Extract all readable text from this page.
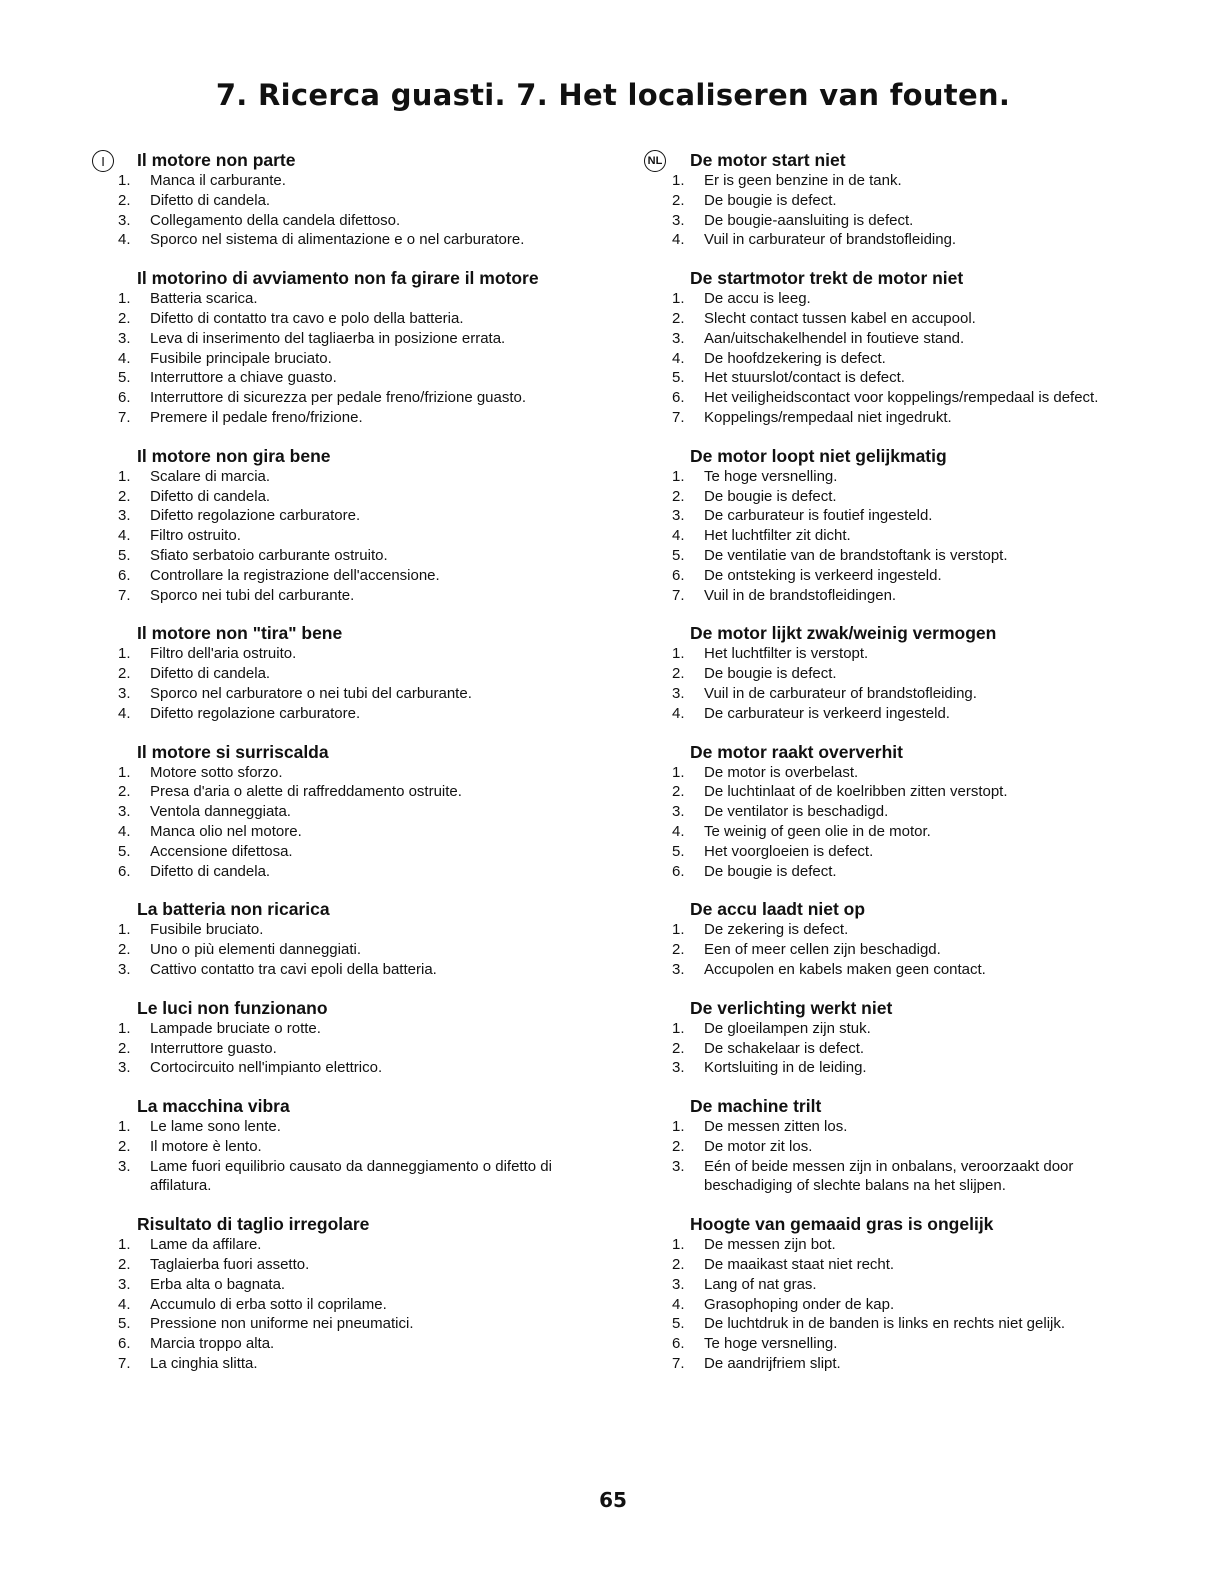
7. Ricerca guasti. 7. Het localiseren van fouten.
I	Il motore non parte
1.	Manca il carburante.
2.	Difetto di candela.
3.	Collegamento della candela difettoso.
4.	Sporco nel sistema di alimentazione e o nel carburatore.
Il motorino di avviamento non fa girare il motore
1.	Batteria scarica.
2.	Difetto di contatto tra cavo e polo della batteria.
3.	Leva di inserimento del tagliaerba in posizione errata.
4.	Fusibile principale bruciato.
5.	Interruttore a chiave guasto.
6.	Interruttore di sicurezza per pedale freno/frizione guasto.
7.	Premere il pedale freno/frizione.
Il motore non gira bene
1.	Scalare di marcia.
2.	Difetto di candela.
3.	Difetto regolazione carburatore.
4.	Filtro ostruito.
5.	Sfiato serbatoio carburante ostruito.
6.	Controllare la registrazione dell'accensione.
7.	Sporco nei tubi del carburante.
Il motore non "tira" bene
1.	Filtro dell'aria ostruito.
2.	Difetto di candela.
3.	Sporco nel carburatore o nei tubi del carburante.
4.	Difetto regolazione carburatore.
Il motore si surriscalda
1.	Motore sotto sforzo.
2.	Presa d'aria o alette di raffreddamento ostruite.
3.	Ventola danneggiata.
4.	Manca olio nel motore.
5.	Accensione difettosa.
6.	Difetto di candela.
La batteria non ricarica
1.	Fusibile bruciato.
2.	Uno o più elementi danneggiati.
3.	Cattivo contatto tra cavi epoli della batteria.
Le luci non funzionano
1.	Lampade bruciate o rotte.
2.	Interruttore guasto.
3.	Cortocircuito nell'impianto elettrico.
La macchina vibra
1.	Le lame sono lente.
2.	Il motore è lento.
3.	Lame fuori equilibrio causato da danneggiamento o difetto di affilatura.
Risultato di taglio irregolare
1.	Lame da affilare.
2.	Taglaierba fuori assetto.
3.	Erba alta o bagnata.
4.	Accumulo di erba sotto il coprilame.
5.	Pressione non uniforme nei pneumatici.
6.	Marcia troppo alta.
7.	La cinghia slitta.
NL	De motor start niet
1.	Er is geen benzine in de tank.
2.	De bougie is defect.
3.	De bougie-aansluiting is defect.
4.	Vuil in carburateur of brandstofleiding.
De startmotor trekt de motor niet
1.	De accu is leeg.
2.	Slecht contact tussen kabel en accupool.
3.	Aan/uitschakelhendel in foutieve stand.
4.	De hoofdzekering is defect.
5.	Het stuurslot/contact is defect.
6.	Het veiligheidscontact voor koppelings/rempedaal is defect.
7.	Koppelings/rempedaal niet ingedrukt.
De motor loopt niet gelijkmatig
1.	Te hoge versnelling.
2.	De bougie is defect.
3.	De carburateur is foutief ingesteld.
4.	Het luchtfilter zit dicht.
5.	De ventilatie van de brandstoftank is verstopt.
6.	De ontsteking is verkeerd ingesteld.
7.	Vuil in de brandstofleidingen.
De motor lijkt zwak/weinig vermogen
1.	Het luchtfilter is verstopt.
2.	De bougie is defect.
3.	Vuil in de carburateur of brandstofleiding.
4.	De carburateur is verkeerd ingesteld.
De motor raakt oververhit
1.	De motor is overbelast.
2.	De luchtinlaat of de koelribben zitten verstopt.
3.	De ventilator is beschadigd.
4.	Te weinig of geen olie in de motor.
5.	Het voorgloeien is defect.
6.	De bougie is defect.
De accu laadt niet op
1.	De zekering is defect.
2.	Een of meer cellen zijn beschadigd.
3.	Accupolen en kabels maken geen contact.
De verlichting werkt niet
1.	De gloeilampen zijn stuk.
2.	De schakelaar is defect.
3.	Kortsluiting in de leiding.
De machine trilt
1.	De messen zitten los.
2.	De motor zit los.
3.	Eén of beide messen zijn in onbalans, veroorzaakt door beschadiging of slechte balans na het slijpen.
Hoogte van gemaaid gras is ongelijk
1.	De messen zijn bot.
2.	De maaikast staat niet recht.
3.	Lang of nat gras.
4.	Grasophoping onder de kap.
5.	De luchtdruk in de banden is links en rechts niet gelijk.
6.	Te hoge versnelling.
7.	De aandrijfriem slipt.
65
